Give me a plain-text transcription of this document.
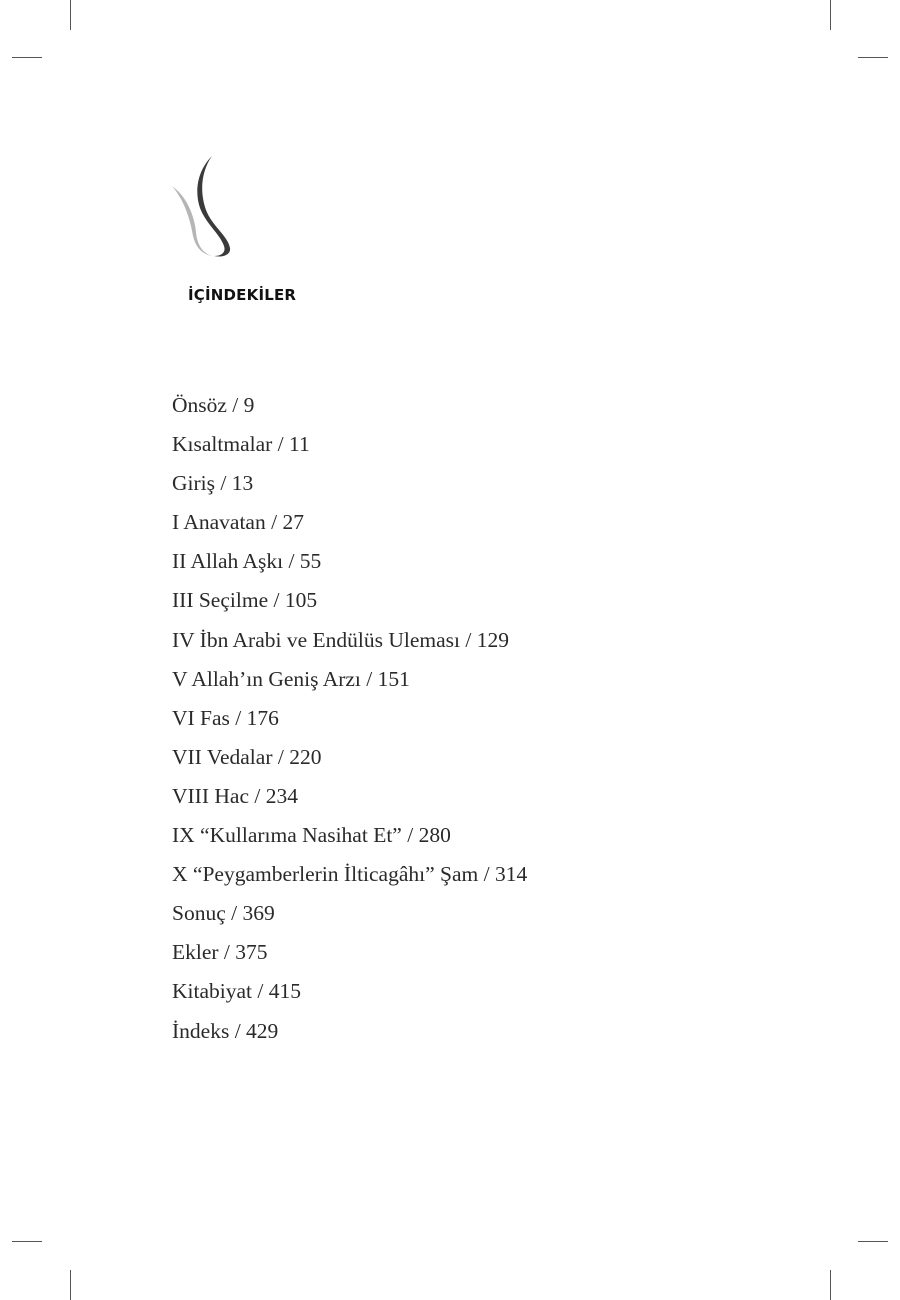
İÇİNDEKİLER
Önsöz / 9
Kısaltmalar / 11
Giriş / 13
I Anavatan / 27
II Allah Aşkı / 55
III Seçilme / 105
IV İbn Arabi ve Endülüs Uleması / 129
V Allah’ın Geniş Arzı / 151
VI Fas / 176
VII Vedalar / 220
VIII Hac / 234
IX “Kullarıma Nasihat Et” / 280
X “Peygamberlerin İlticagâhı” Şam / 314
Sonuç / 369
Ekler / 375
Kitabiyat / 415
İndeks / 429
